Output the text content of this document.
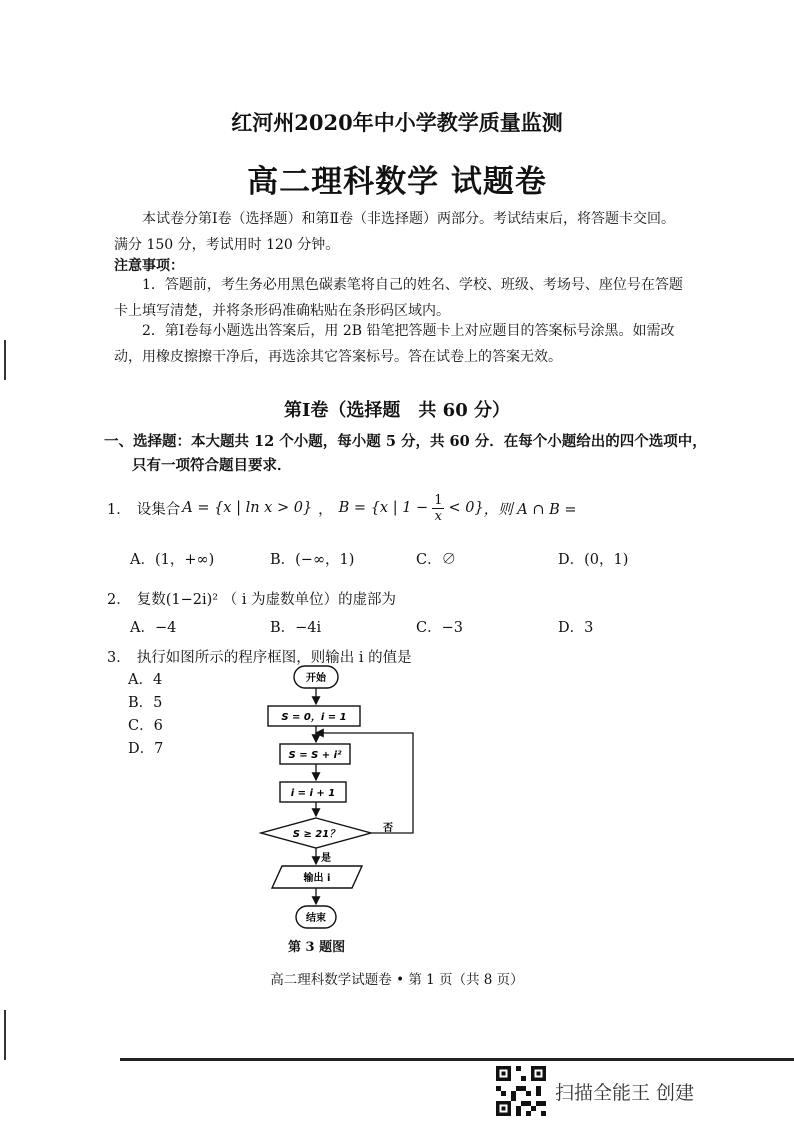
红河州2020年中小学教学质量监测
高二理科数学 试题卷
本试卷分第Ⅰ卷（选择题）和第Ⅱ卷（非选择题）两部分。考试结束后，将答题卡交回。满分 150 分，考试用时 120 分钟。
注意事项：
1．答题前，考生务必用黑色碳素笔将自己的姓名、学校、班级、考场号、座位号在答题卡上填写清楚，并将条形码准确粘贴在条形码区域内。
2．第Ⅰ卷每小题选出答案后，用 2B 铅笔把答题卡上对应题目的答案标号涂黑。如需改动，用橡皮擦擦干净后，再选涂其它答案标号。答在试卷上的答案无效。
第Ⅰ卷（选择题　共 60 分）
一、选择题：本大题共 12 个小题，每小题 5 分，共 60 分．在每个小题给出的四个选项中，
只有一项符合题目要求．
1． 设集合 A = {x | ln x > 0} ， B = {x | $1 - \frac{1}{x} < 0$} ，则 A ∩ B =
A．(1，+∞)	B．(−∞，1)	C．∅	D．(0，1)
2． 复数(1−2i)² （ i 为虚数单位）的虚部为
A．−4	B．−4i	C．−3	D．3
3． 执行如图所示的程序框图，则输出 i 的值是
A．4
B．5
C．6
D．7
开始
S = 0，i = 1
S = S + i²
i = i + 1
S ≥ 21？
否
是
输出 i
结束
第 3 题图
高二理科数学试题卷 • 第 1 页（共 8 页）
扫描全能王 创建
